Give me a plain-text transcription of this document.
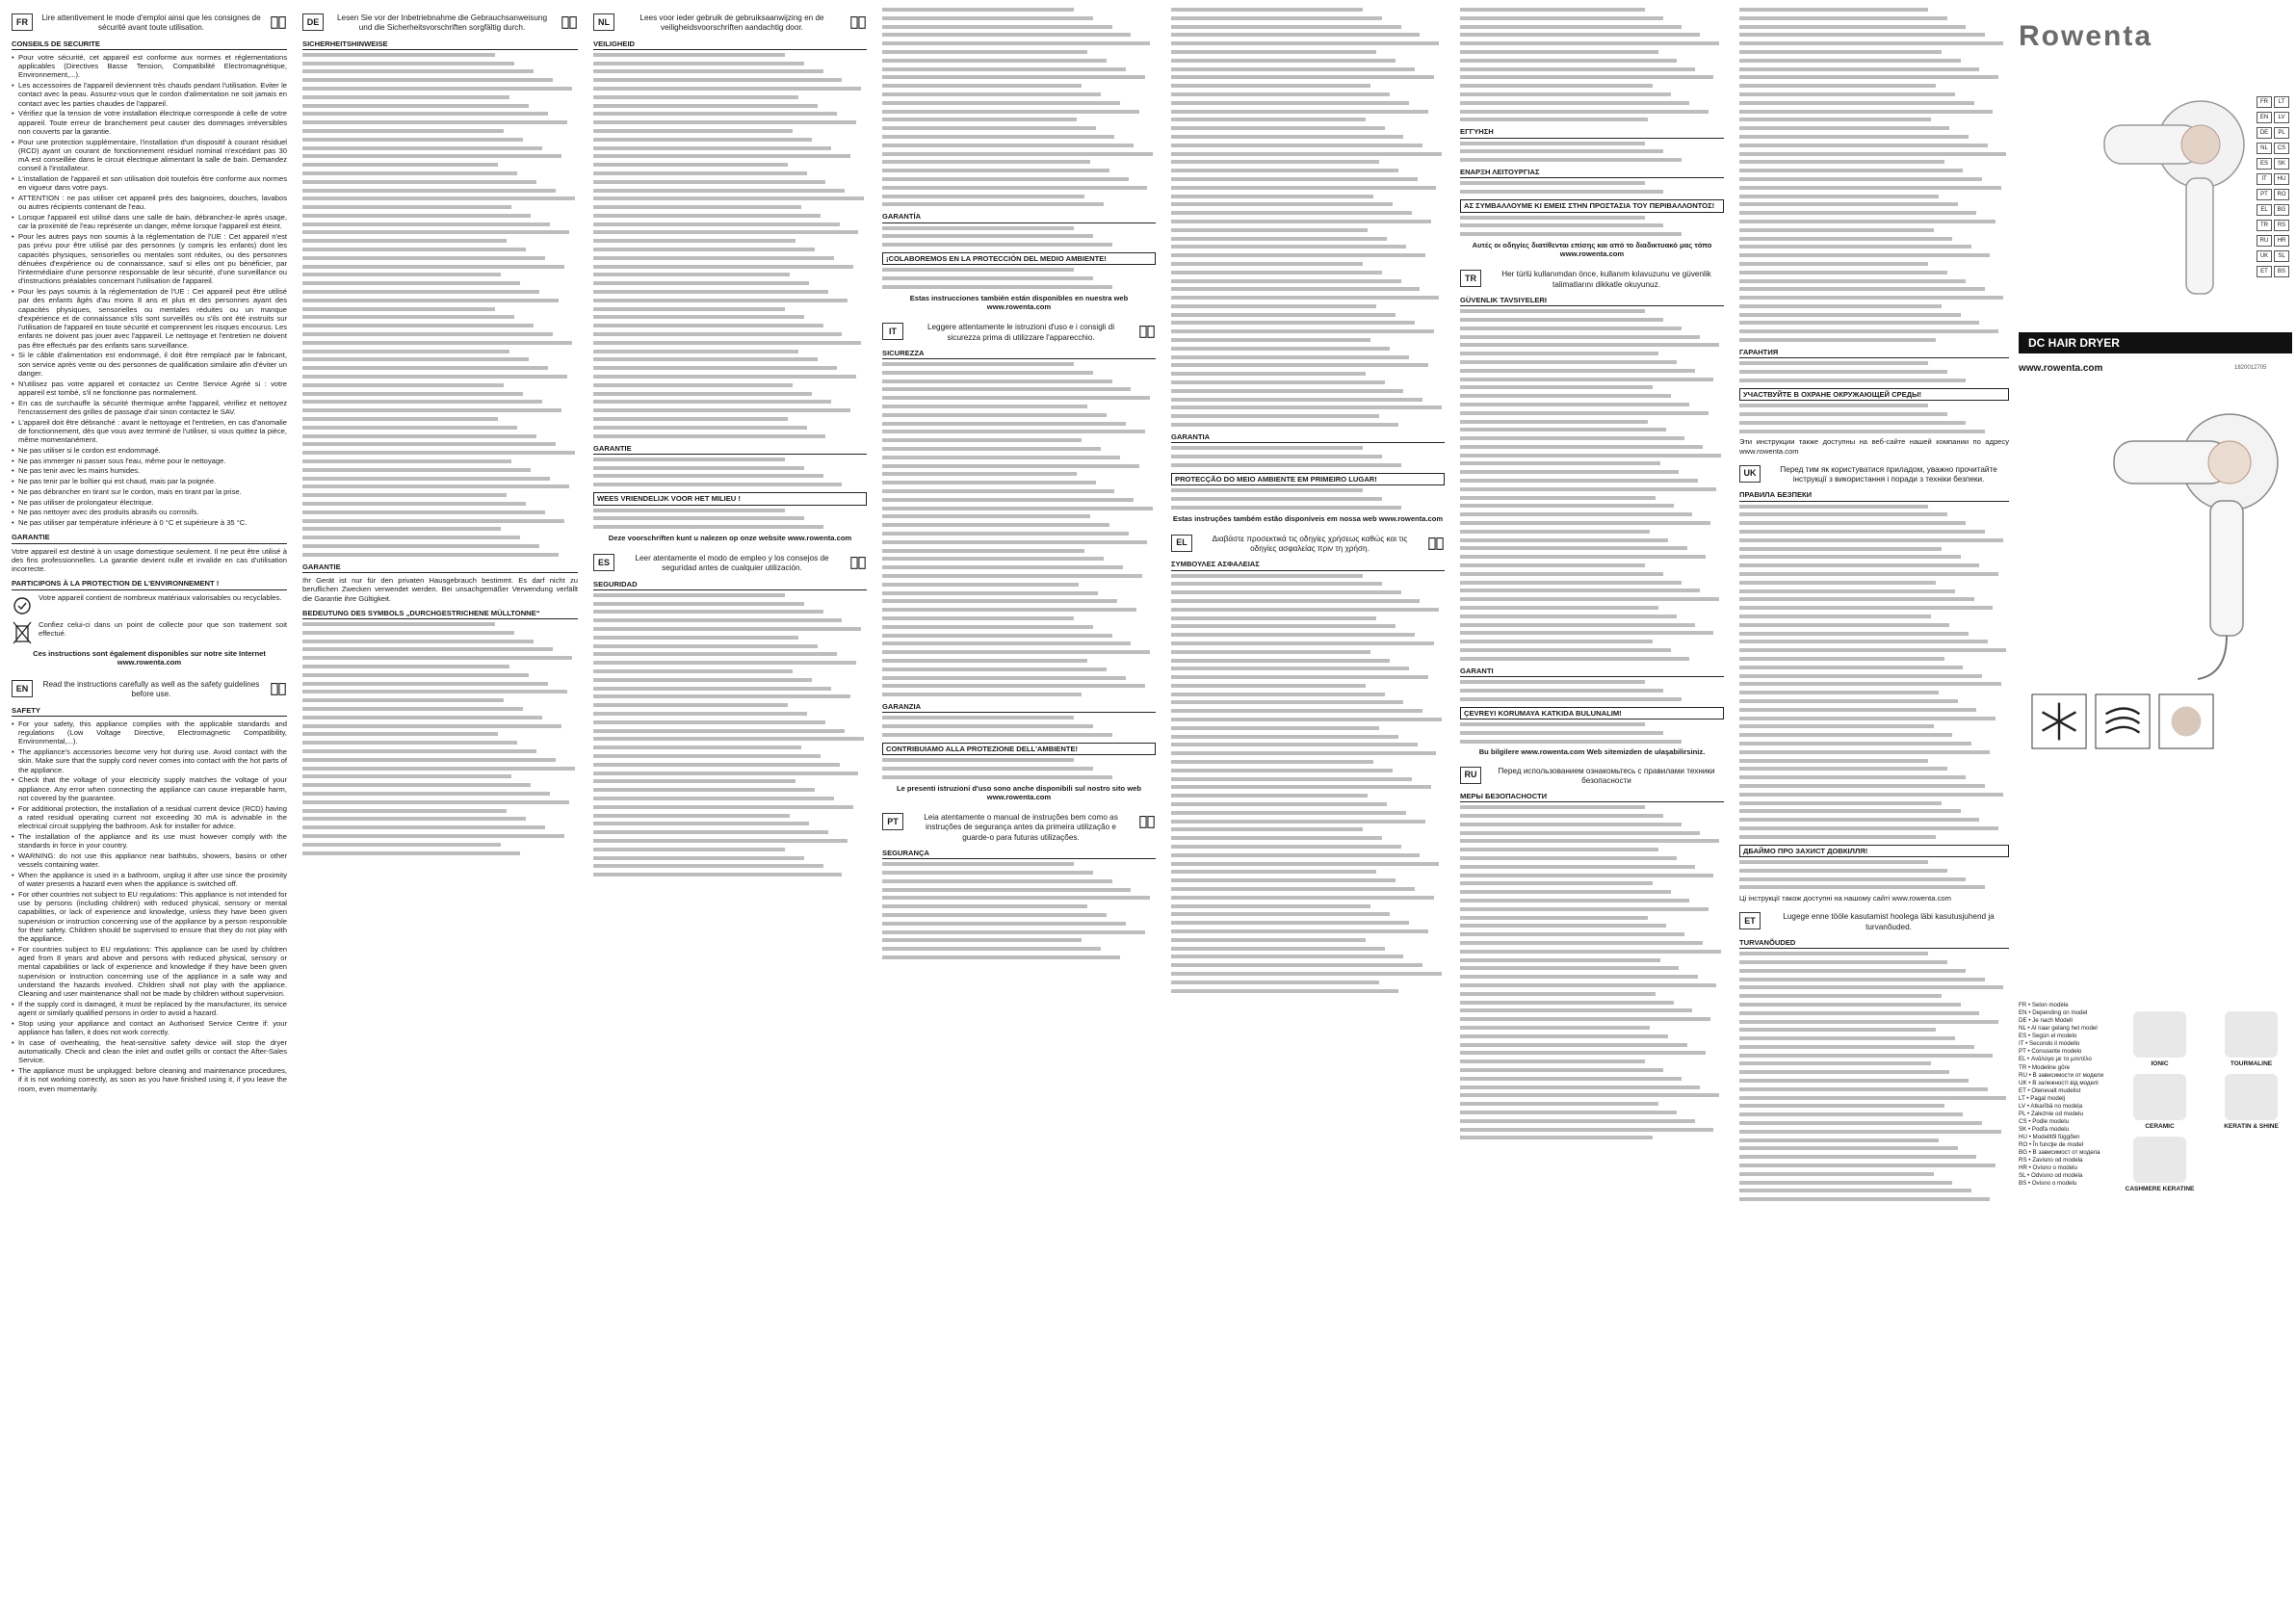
FR	Lire attentivement le mode d'emploi ainsi que les consignes de sécurité avant toute utilisation.
CONSEILS DE SECURITE
• Pour votre sécurité, cet appareil est conforme aux normes et réglementations applicables (Directives Basse Tension, Compatibilité Electromagnétique, Environnement,...).
• Les accessoires de l'appareil deviennent très chauds pendant l'utilisation. Eviter le contact avec la peau. Assurez-vous que le cordon d'alimentation ne soit jamais en contact avec les parties chaudes de l'appareil.
• Vérifiez que la tension de votre installation électrique corresponde à celle de votre appareil. Toute erreur de branchement peut causer des dommages irréversibles non couverts par la garantie.
• Pour une protection supplémentaire, l'installation d'un dispositif à courant résiduel (RCD) ayant un courant de fonctionnement résiduel nominal n'excédant pas 30 mA est conseillée dans le circuit électrique alimentant la salle de bain. Demandez conseil à l'installateur.
• L'installation de l'appareil et son utilisation doit toutefois être conforme aux normes en vigueur dans votre pays.
• ATTENTION : ne pas utiliser cet appareil près des baignoires, douches, lavabos ou autres récipients contenant de l'eau.
• Lorsque l'appareil est utilisé dans une salle de bain, débranchez-le après usage, car la proximité de l'eau représente un danger, même lorsque l'appareil est éteint.
• Pour les autres pays non soumis à la réglementation de l'UE : Cet appareil n'est pas prévu pour être utilisé par des personnes (y compris les enfants) dont les capacités physiques, sensorielles ou mentales sont réduites, ou des personnes dénuées d'expérience ou de connaissance, sauf si elles ont pu bénéficier, par l'intermédiaire d'une personne responsable de leur sécurité, d'une surveillance ou d'instructions préalables concernant l'utilisation de l'appareil.
• Pour les pays soumis à la réglementation de l'UE : Cet appareil peut être utilisé par des enfants âgés d'au moins 8 ans et plus et des personnes ayant des capacités physiques, sensorielles ou mentales réduites ou un manque d'expérience et de connaissance s'ils sont surveillés ou s'ils ont été instruits sur l'utilisation de l'appareil en toute sécurité et comprennent les risques encourus. Les enfants ne doivent pas jouer avec l'appareil. Le nettoyage et l'entretien ne doivent pas être effectués par des enfants sans surveillance.
• Si le câble d'alimentation est endommagé, il doit être remplacé par le fabricant, son service après vente ou des personnes de qualification similaire afin d'éviter un danger.
• N'utilisez pas votre appareil et contactez un Centre Service Agréé si : votre appareil est tombé, s'il ne fonctionne pas normalement.
• En cas de surchauffe la sécurité thermique arrête l'appareil, vérifiez et nettoyez l'encrassement des grilles de passage d'air sinon contactez le SAV.
• L'appareil doit être débranché : avant le nettoyage et l'entretien, en cas d'anomalie de fonctionnement, dès que vous avez terminé de l'utiliser, si vous quittez la pièce, même momentanément.
• Ne pas utiliser si le cordon est endommagé.
• Ne pas immerger ni passer sous l'eau, même pour le nettoyage.
• Ne pas tenir avec les mains humides.
• Ne pas tenir par le boîtier qui est chaud, mais par la poignée.
• Ne pas débrancher en tirant sur le cordon, mais en tirant par la prise.
• Ne pas utiliser de prolongateur électrique.
• Ne pas nettoyer avec des produits abrasifs ou corrosifs.
• Ne pas utiliser par température inférieure à 0 °C et supérieure à 35 °C.
GARANTIE
Votre appareil est destiné à un usage domestique seulement. Il ne peut être utilisé à des fins professionnelles. La garantie devient nulle et invalide en cas d'utilisation incorrecte.
PARTICIPONS À LA PROTECTION DE L'ENVIRONNEMENT !
Votre appareil contient de nombreux matériaux valorisables ou recyclables.
Confiez celui-ci dans un point de collecte pour que son traitement soit effectué.
Ces instructions sont également disponibles sur notre site Internet www.rowenta.com
EN	Read the instructions carefully as well as the safety guidelines before use.
SAFETY
• For your safety, this appliance complies with the applicable standards and regulations (Low Voltage Directive, Electromagnetic Compatibility, Environmental,...).
• The appliance's accessories become very hot during use. Avoid contact with the skin. Make sure that the supply cord never comes into contact with the hot parts of the appliance.
• Check that the voltage of your electricity supply matches the voltage of your appliance. Any error when connecting the appliance can cause irreparable harm, not covered by the guarantee.
• For additional protection, the installation of a residual current device (RCD) having a rated residual operating current not exceeding 30 mA is advisable in the electrical circuit supplying the bathroom. Ask for installer for advice.
• The installation of the appliance and its use must however comply with the standards in force in your country.
• WARNING: do not use this appliance near bathtubs, showers, basins or other vessels containing water.
• When the appliance is used in a bathroom, unplug it after use since the proximity of water presents a hazard even when the appliance is switched off.
• For other countries not subject to EU regulations: This appliance is not intended for use by persons (including children) with reduced physical, sensory or mental capabilities, or lack of experience and knowledge, unless they have been given supervision or instruction concerning use of the appliance by a person responsible for their safety. Children should be supervised to ensure that they do not play with the appliance.
• For countries subject to EU regulations: This appliance can be used by children aged from 8 years and above and persons with reduced physical, sensory or mental capabilities or lack of experience and knowledge if they have been given supervision or instruction concerning use of the appliance in a safe way and understand the hazards involved. Children shall not play with the appliance. Cleaning and user maintenance shall not be made by children without supervision.
• If the supply cord is damaged, it must be replaced by the manufacturer, its service agent or similarly qualified persons in order to avoid a hazard.
• Stop using your appliance and contact an Authorised Service Centre if: your appliance has fallen, it does not work correctly.
• In case of overheating, the heat-sensitive safety device will stop the dryer automatically. Check and clean the inlet and outlet grills or contact the After-Sales Service.
• The appliance must be unplugged: before cleaning and maintenance procedures, if it is not working correctly, as soon as you have finished using it, if you leave the room, even momentarily.
DE	Lesen Sie vor der Inbetriebnahme die Gebrauchsanweisung und die Sicherheitsvorschriften sorgfältig durch.
SICHERHEITSHINWEISE
GARANTIE
Ihr Gerät ist nur für den privaten Hausgebrauch bestimmt. Es darf nicht zu beruflichen Zwecken verwendet werden. Bei unsachgemäßer Verwendung verfällt die Garantie ihre Gültigkeit.
BEDEUTUNG DES SYMBOLS „DURCHGESTRICHENE MÜLLTONNE“
NL	Lees voor ieder gebruik de gebruiksaanwijzing en de veiligheidsvoorschriften aandachtig door.
VEILIGHEID
GARANTIE
WEES VRIENDELIJK VOOR HET MILIEU !
Deze voorschriften kunt u nalezen op onze website www.rowenta.com
ES	Leer atentamente el modo de empleo y los consejos de seguridad antes de cualquier utilización.
SEGURIDAD
GARANTÍA
¡COLABOREMOS EN LA PROTECCIÓN DEL MEDIO AMBIENTE!
Estas instrucciones también están disponibles en nuestra web www.rowenta.com
IT	Leggere attentamente le istruzioni d'uso e i consigli di sicurezza prima di utilizzare l'apparecchio.
SICUREZZA
GARANZIA
CONTRIBUIAMO ALLA PROTEZIONE DELL'AMBIENTE!
Le presenti istruzioni d'uso sono anche disponibili sul nostro sito web www.rowenta.com
PT	Leia atentamente o manual de instruções bem como as instruções de segurança antes da primeira utilização e guarde-o para futuras utilizações.
SEGURANÇA
GARANTIA
PROTECÇÃO DO MEIO AMBIENTE EM PRIMEIRO LUGAR!
Estas instruções também estão disponíveis em nossa web www.rowenta.com
EL	Διαβάστε προσεκτικά τις οδηγίες χρήσεως καθώς και τις οδηγίες ασφαλείας πριν τη χρήση.
ΣΥΜΒΟΥΛΕΣ ΑΣΦΑΛΕΙΑΣ
ΕΓΓΥΗΣΗ
ΕΝΑΡΞΗ ΛΕΙΤΟΥΡΓΙΑΣ
ΑΣ ΣΥΜΒΑΛΛΟΥΜΕ ΚΙ ΕΜΕΙΣ ΣΤΗΝ ΠΡΟΣΤΑΣΙΑ ΤΟΥ ΠΕΡΙΒΑΛΛΟΝΤΟΣ!
Αυτές οι οδηγίες διατίθενται επίσης και από το διαδικτυακό μας τόπο www.rowenta.com
TR	Her türlü kullanımdan önce, kullanım kılavuzunu ve güvenlik talimatlarını dikkatle okuyunuz.
GÜVENLIK TAVSIYELERI
GARANTI
ÇEVREYI KORUMAYA KATKIDA BULUNALIM!
Bu bilgilere www.rowenta.com Web sitemizden de ulaşabilirsiniz.
RU	Перед использованием ознакомьтесь с правилами техники безопасности
МЕРЫ БЕЗОПАСНОСТИ
ГАРАНТИЯ
УЧАСТВУЙТЕ В ОХРАНЕ ОКРУЖАЮЩЕЙ СРЕДЫ!
Эти инструкции также доступны на веб-сайте нашей компании по адресу www.rowenta.com
UK	Перед тим як користуватися приладом, уважно прочитайте інструкції з використання і поради з техніки безпеки.
ПРАВИЛА БЕЗПЕКИ
ДБАЙМО ПРО ЗАХИСТ ДОВКІЛЛЯ!
Ці інструкції також доступні на нашому сайті www.rowenta.com
ET	Lugege enne tööle kasutamist hoolega läbi kasutusjuhend ja turvanõuded.
TURVANÕUDED
Rowenta
FR	LT
EN	LV
DE	PL
NL	CS
ES	SK
IT	HU
PT	RO
EL	BG
TR	RS
RU	HR
UK	SL
ET	BS
DC HAIR DRYER
www.rowenta.com	1820012705
FR • Selon modèle
EN • Depending on model
DE • Je nach Modell
NL • Al naar gelang het model
ES • Según el modelo
IT • Secondo il modello
PT • Consoante modelo
EL • Ανάλογα με το μοντέλο
TR • Modeline göre
RU • В зависимости от модели
UK • В залежності від моделі
ET • Olenevalt mudelist
LT • Pagal modelį
LV • Atkarībā no modeļa
PL • Zależnie od modelu
CS • Podle modelu
SK • Podľa modelu
HU • Modelltől függően
RO • În funcţie de model
BG • В зависимост от модела
RS • Zavisno od modela
HR • Ovisno o modelu
SL • Odvisno od modela
BS • Ovisno o modelu
IONIC	TOURMALINE
CERAMIC	KERATIN & SHINE
CASHMERE KERATINE
